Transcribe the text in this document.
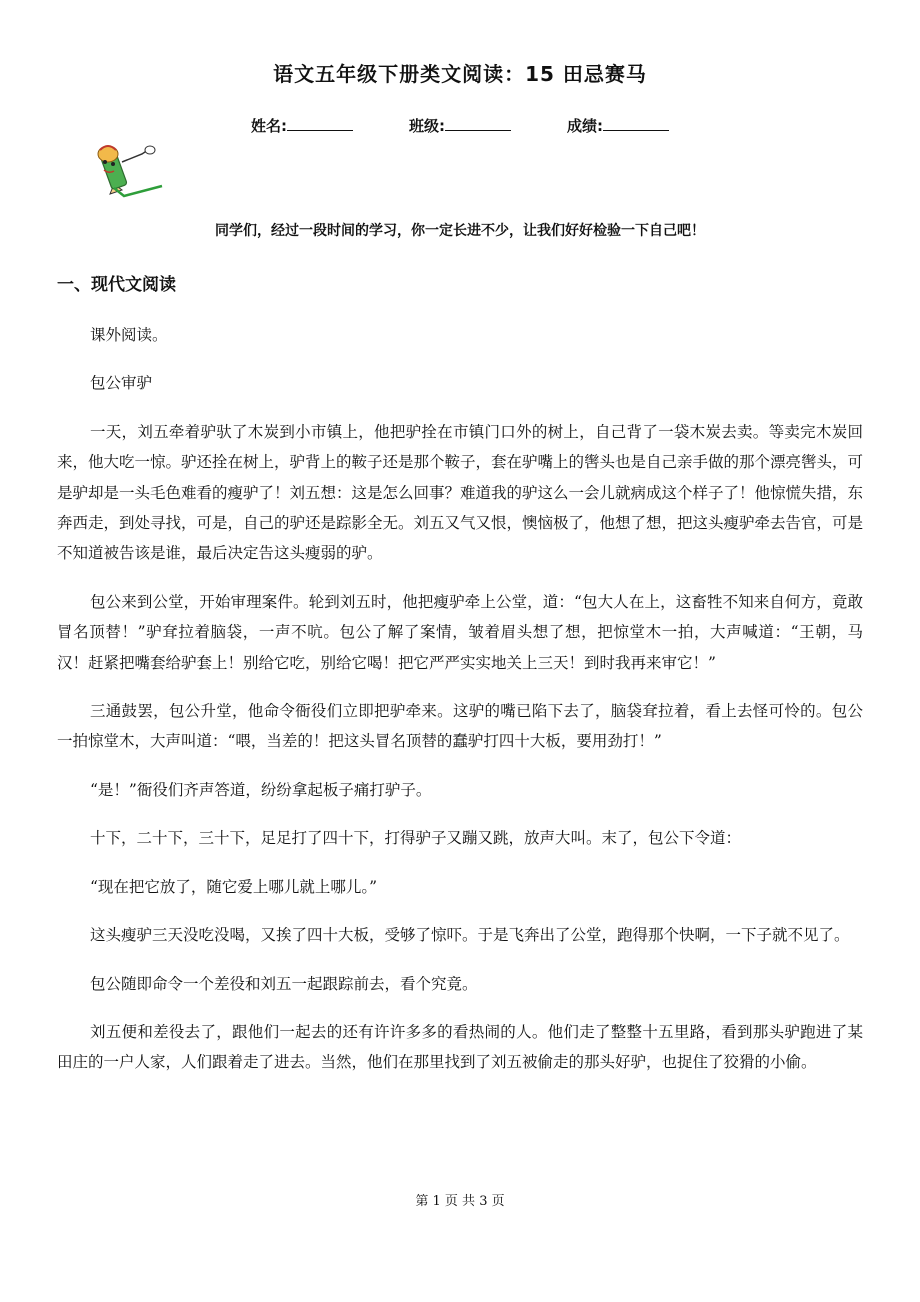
语文五年级下册类文阅读：15 田忌赛马
姓名:	班级:	成绩:
同学们，经过一段时间的学习，你一定长进不少，让我们好好检验一下自己吧！
一、现代文阅读

课外阅读。

包公审驴

一天，刘五牵着驴驮了木炭到小市镇上，他把驴拴在市镇门口外的树上，自己背了一袋木炭去卖。等卖完木炭回来，他大吃一惊。驴还拴在树上，驴背上的鞍子还是那个鞍子，套在驴嘴上的辔头也是自己亲手做的那个漂亮辔头，可是驴却是一头毛色难看的瘦驴了！刘五想：这是怎么回事？难道我的驴这么一会儿就病成这个样子了！他惊慌失措，东奔西走，到处寻找，可是，自己的驴还是踪影全无。刘五又气又恨，懊恼极了，他想了想，把这头瘦驴牵去告官，可是不知道被告该是谁，最后决定告这头瘦弱的驴。

包公来到公堂，开始审理案件。轮到刘五时，他把瘦驴牵上公堂，道：“包大人在上，这畜牲不知来自何方，竟敢冒名顶替！”驴耷拉着脑袋，一声不吭。包公了解了案情，皱着眉头想了想，把惊堂木一拍，大声喊道：“王朝，马汉！赶紧把嘴套给驴套上！别给它吃，别给它喝！把它严严实实地关上三天！到时我再来审它！”

三通鼓罢，包公升堂，他命令衙役们立即把驴牵来。这驴的嘴已陷下去了，脑袋耷拉着，看上去怪可怜的。包公一拍惊堂木，大声叫道：“喂，当差的！把这头冒名顶替的蠢驴打四十大板，要用劲打！”

“是！”衙役们齐声答道，纷纷拿起板子痛打驴子。

十下，二十下，三十下，足足打了四十下，打得驴子又蹦又跳，放声大叫。末了，包公下令道：

“现在把它放了，随它爱上哪儿就上哪儿。”

这头瘦驴三天没吃没喝，又挨了四十大板，受够了惊吓。于是飞奔出了公堂，跑得那个快啊，一下子就不见了。

包公随即命令一个差役和刘五一起跟踪前去，看个究竟。

刘五便和差役去了，跟他们一起去的还有许许多多的看热闹的人。他们走了整整十五里路，看到那头驴跑进了某田庄的一户人家，人们跟着走了进去。当然，他们在那里找到了刘五被偷走的那头好驴，也捉住了狡猾的小偷。

第 1 页 共 3 页
